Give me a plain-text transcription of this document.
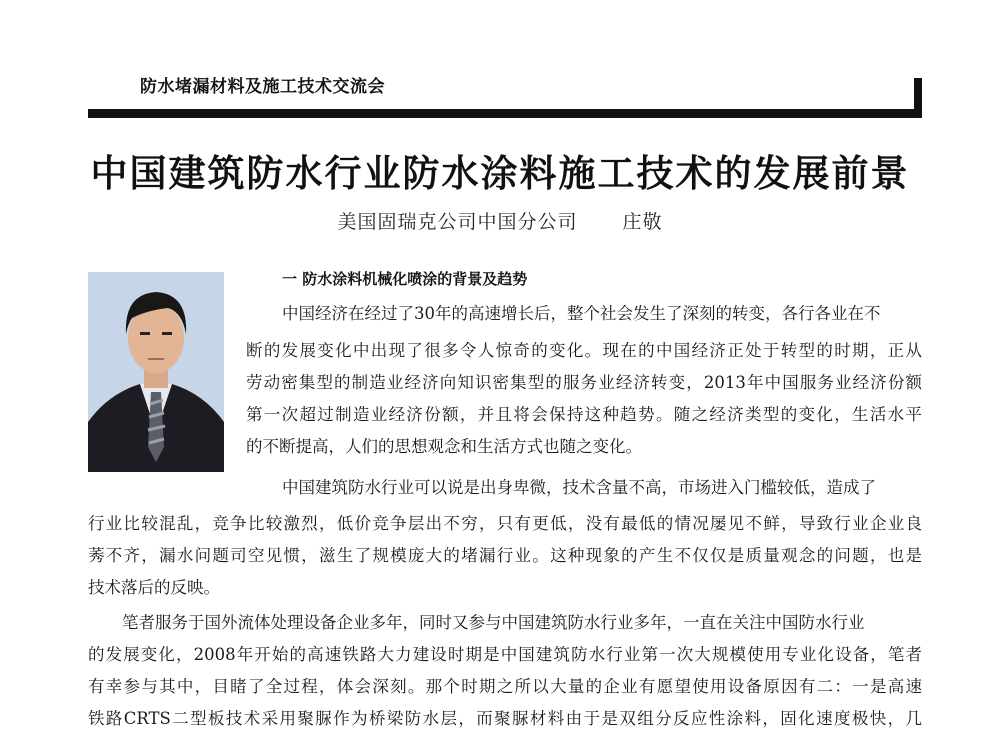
防水堵漏材料及施工技术交流会
中国建筑防水行业防水涂料施工技术的发展前景
美国固瑞克公司中国分公司 庄敬
一 防水涂料机械化喷涂的背景及趋势
中国经济在经过了30年的高速增长后，整个社会发生了深刻的转变，各行各业在不
断的发展变化中出现了很多令人惊奇的变化。现在的中国经济正处于转型的时期，正从
劳动密集型的制造业经济向知识密集型的服务业经济转变，2013年中国服务业经济份额
第一次超过制造业经济份额，并且将会保持这种趋势。随之经济类型的变化，生活水平
的不断提高，人们的思想观念和生活方式也随之变化。
中国建筑防水行业可以说是出身卑微，技术含量不高，市场进入门槛较低，造成了
行业比较混乱，竞争比较激烈，低价竞争层出不穷，只有更低，没有最低的情况屡见不鲜，导致行业企业良
莠不齐，漏水问题司空见惯，滋生了规模庞大的堵漏行业。这种现象的产生不仅仅是质量观念的问题，也是
技术落后的反映。
笔者服务于国外流体处理设备企业多年，同时又参与中国建筑防水行业多年，一直在关注中国防水行业
的发展变化，2008年开始的高速铁路大力建设时期是中国建筑防水行业第一次大规模使用专业化设备，笔者
有幸参与其中，目睹了全过程，体会深刻。那个时期之所以大量的企业有愿望使用设备原因有二：一是高速
铁路CRTS二型板技术采用聚脲作为桥梁防水层，而聚脲材料由于是双组分反应性涂料，固化速度极快，几
